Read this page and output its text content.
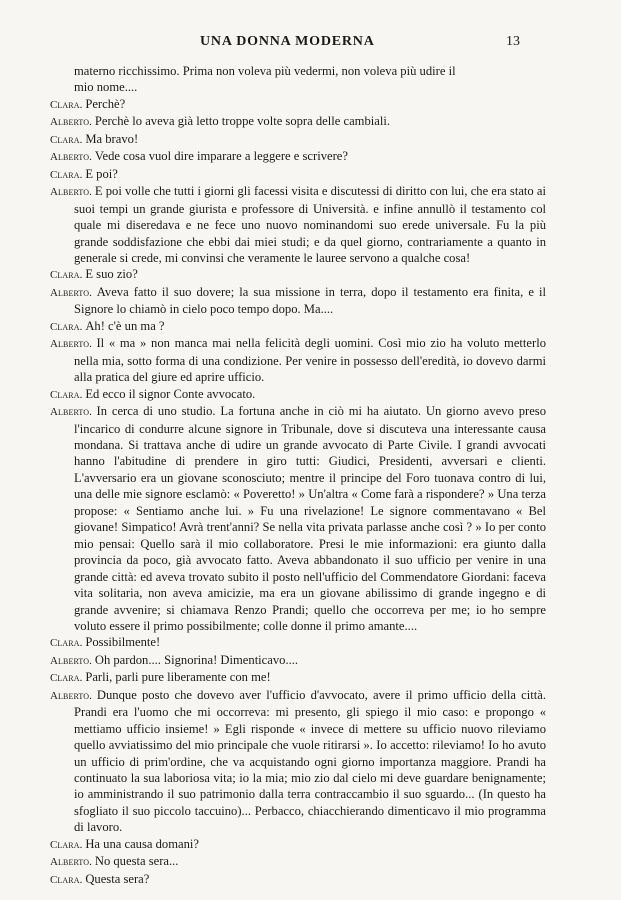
UNA DONNA MODERNA	13

materno ricchissimo. Prima non voleva più vedermi, non voleva più udire il

mio nome....

Clara . Perchè?

Alberto . Perchè lo aveva già letto troppe volte sopra delle cambiali.

Clara . Ma bravo!

Alberto . Vede cosa vuol dire imparare a leggere e scrivere?

Clara . E poi?

Alberto . E poi volle che tutti i giorni gli facessi visita e discutessi di diritto con lui, che era stato ai suoi tempi un grande giurista e professore di Università. e infine annullò il testamento col quale mi diseredava e ne fece uno nuovo nominandomi suo erede universale. Fu la più grande soddisfazione che ebbi dai miei studi; e da quel giorno, contrariamente a quanto in generale si crede, mi convinsi che veramente le lauree servono a qualche cosa!

Clara . E suo zio?

Alberto . Aveva fatto il suo dovere; la sua missione in terra, dopo il testamento era finita, e il Signore lo chiamò in cielo poco tempo dopo. Ma....

Clara . Ah! c'è un ma ?

Alberto . Il « ma » non manca mai nella felicità degli uomini. Così mio zio ha voluto metterlo nella mia, sotto forma di una condizione. Per venire in possesso dell'eredità, io dovevo darmi alla pratica del giure ed aprire ufficio.

Clara . Ed ecco il signor Conte avvocato.

Alberto . In cerca di uno studio. La fortuna anche in ciò mi ha aiutato. Un giorno avevo preso l'incarico di condurre alcune signore in Tribunale, dove si discuteva una interessante causa mondana. Si trattava anche di udire un grande avvocato di Parte Civile. I grandi avvocati hanno l'abitudine di prendere in giro tutti: Giudici, Presidenti, avversari e clienti. L'avversario era un giovane sconosciuto; mentre il principe del Foro tuonava contro di lui, una delle mie signore esclamò: « Poveretto! » Un'altra « Come farà a rispondere? » Una terza propose: « Sentiamo anche lui. » Fu una rivelazione! Le signore commentavano « Bel giovane! Simpatico! Avrà trent'anni? Se nella vita privata parlasse anche così ? » Io per conto mio pensai: Quello sarà il mio collaboratore. Presi le mie informazioni: era giunto dalla provincia da poco, già avvocato fatto. Aveva abbandonato il suo ufficio per venire in una grande città: ed aveva trovato subito il posto nell'ufficio del Commendatore Giordani: faceva vita solitaria, non aveva amicizie, ma era un giovane abilissimo di grande ingegno e di grande avvenire; si chiamava Renzo Prandi; quello che occorreva per me; io ho sempre voluto essere il primo possibilmente; colle donne il primo amante....

Clara . Possibilmente!

Alberto . Oh pardon.... Signorina! Dimenticavo....

Clara . Parli, parli pure liberamente con me!

Alberto . Dunque posto che dovevo aver l'ufficio d'avvocato, avere il primo ufficio della città. Prandi era l'uomo che mi occorreva: mi presento, gli spiego il mio caso: e propongo « mettiamo ufficio insieme! » Egli risponde « invece di mettere su ufficio nuovo rileviamo quello avviatissimo del mio principale che vuole ritirarsi ». Io accetto: rileviamo! Io ho avuto un ufficio di prim'ordine, che va acquistando ogni giorno importanza maggiore. Prandi ha continuato la sua laboriosa vita; io la mia; mio zio dal cielo mi deve guardare benignamente; io amministrando il suo patrimonio dalla terra contraccambio il suo sguardo... (In questo ha sfogliato il suo piccolo taccuino)... Perbacco, chiacchierando dimenticavo il mio programma di lavoro.

Clara . Ha una causa domani?

Alberto . No questa sera...

Clara . Questa sera?
